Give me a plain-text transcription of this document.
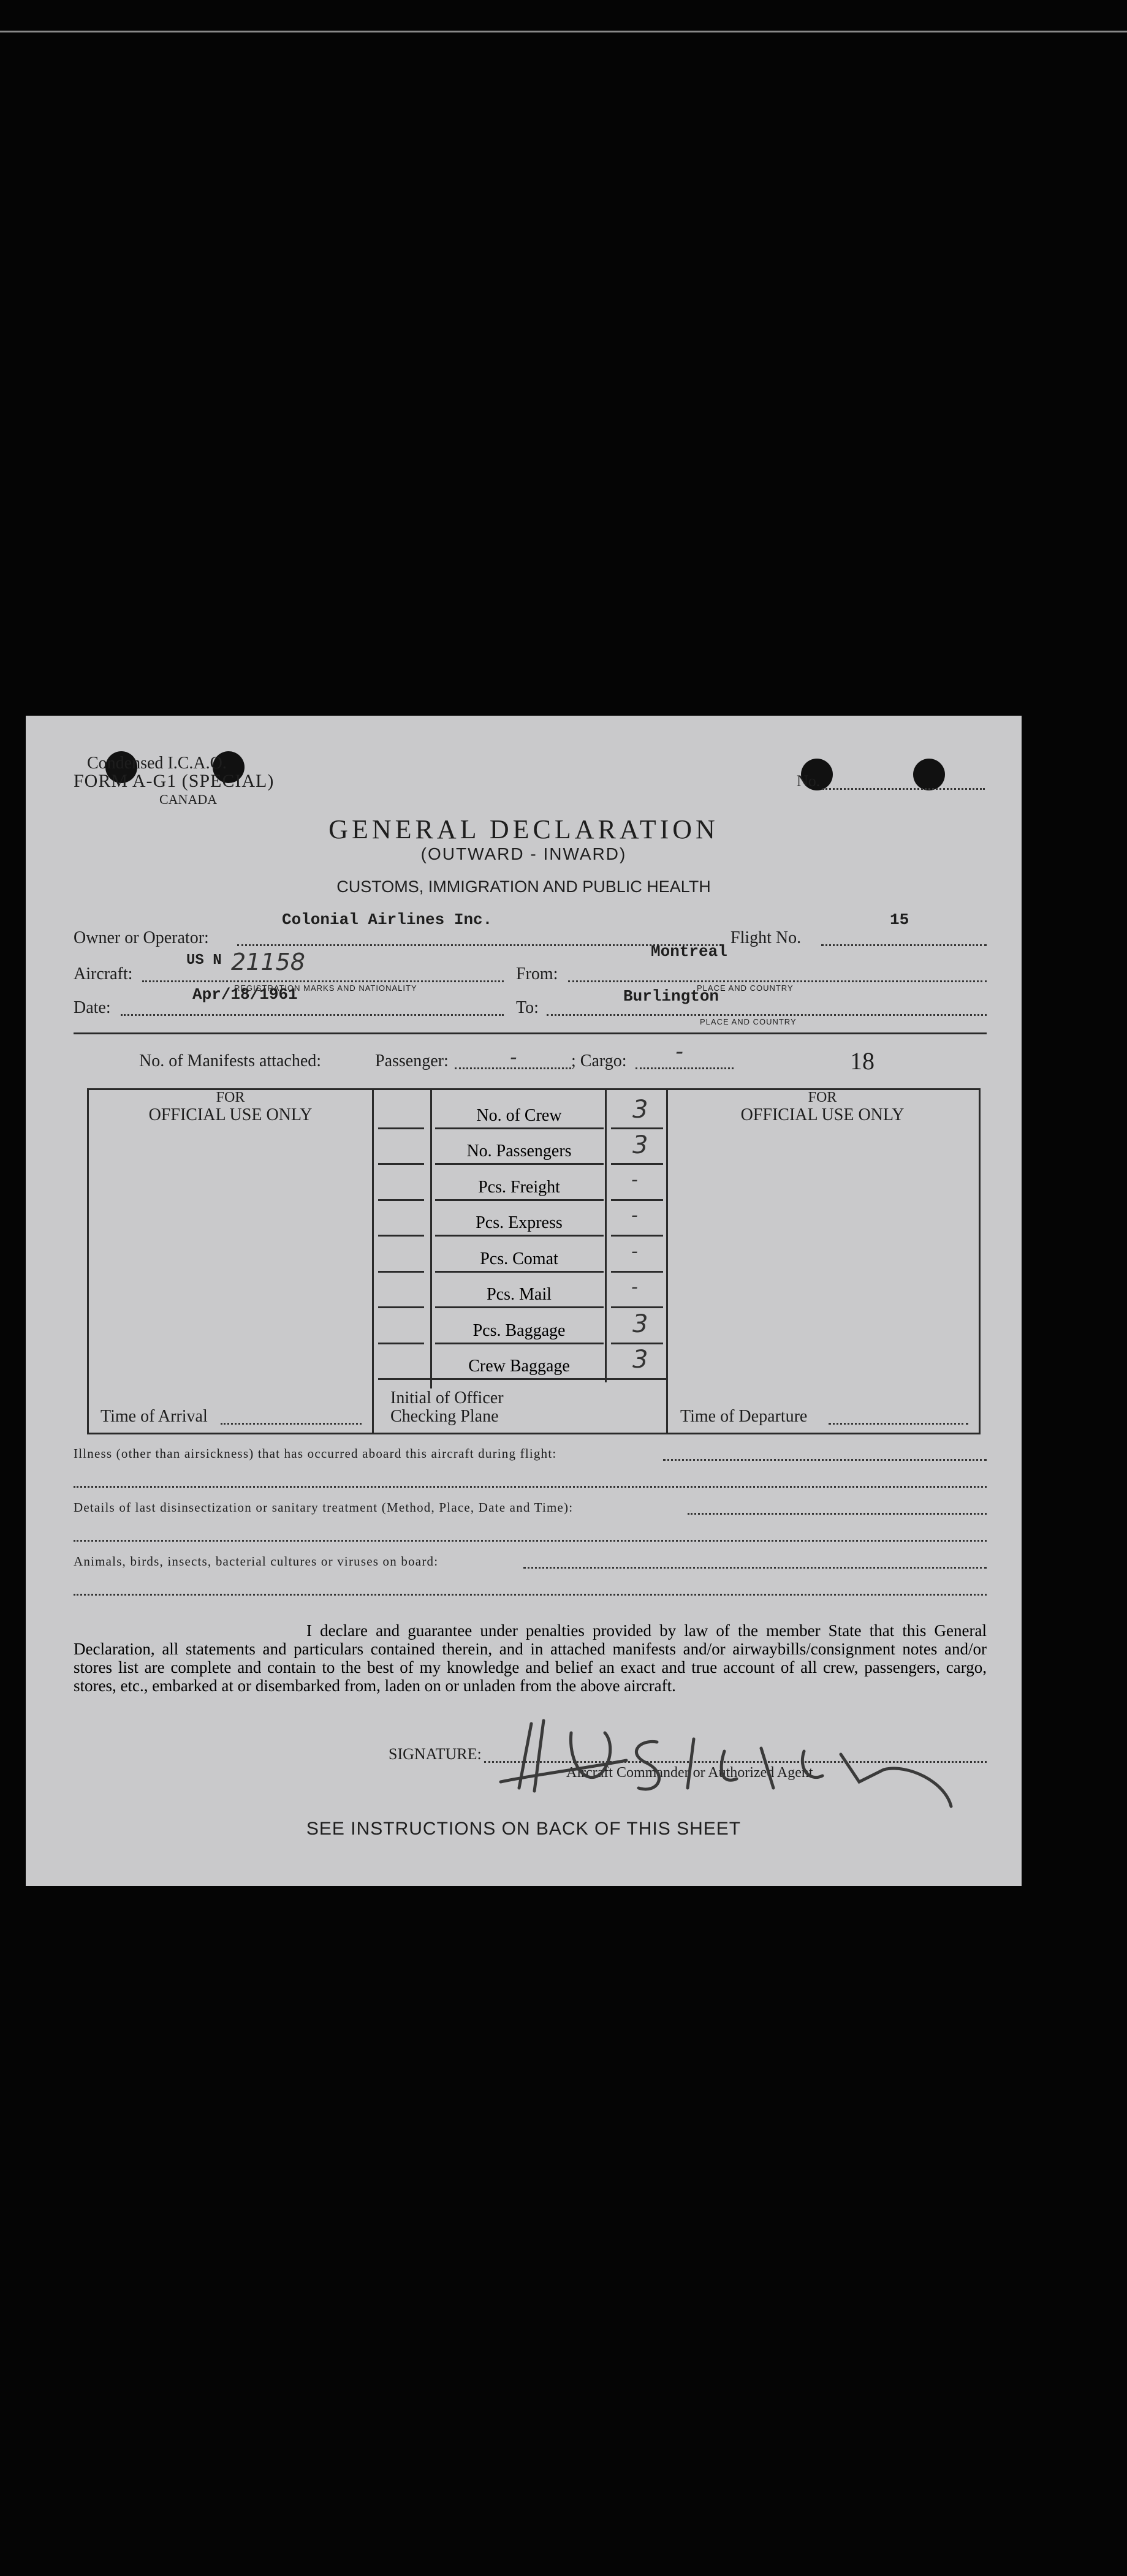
Condensed I.C.A.O.
FORM A-G1 (SPECIAL)
CANADA
No.
GENERAL DECLARATION
(OUTWARD - INWARD)
CUSTOMS, IMMIGRATION AND PUBLIC HEALTH
Owner or Operator:
Colonial Airlines Inc.
Flight No.
15
Aircraft:
US N 21158
REGISTRATION MARKS AND NATIONALITY
From:
Montreal
PLACE AND COUNTRY
Date:
Apr/18/1961
To:
Burlington
PLACE AND COUNTRY
No. of Manifests attached:	Passenger:	-	; Cargo: -	18
FOR
OFFICIAL USE ONLY
FOR
OFFICIAL USE ONLY
No. of Crew	3
No. Passengers	3
Pcs. Freight	-
Pcs. Express	-
Pcs. Comat	-
Pcs. Mail	-
Pcs. Baggage	3
Crew Baggage	3
Initial of Officer
Checking Plane
Time of Arrival	Time of Departure
Illness (other than airsickness) that has occurred aboard this aircraft during flight:
Details of last disinsectization or sanitary treatment (Method, Place, Date and Time):
Animals, birds, insects, bacterial cultures or viruses on board:

I declare and guarantee under penalties provided by law of the member State that this General Declaration, all statements and particulars contained therein, and in attached manifests and/or airwaybills/consignment notes and/or stores list are complete and contain to the best of my knowledge and belief an exact and true account of all crew, passengers, cargo, stores, etc., embarked at or disembarked from, laden on or unladen from the above aircraft.

SIGNATURE:
Aircraft Commander or Authorized Agent
SEE INSTRUCTIONS ON BACK OF THIS SHEET
